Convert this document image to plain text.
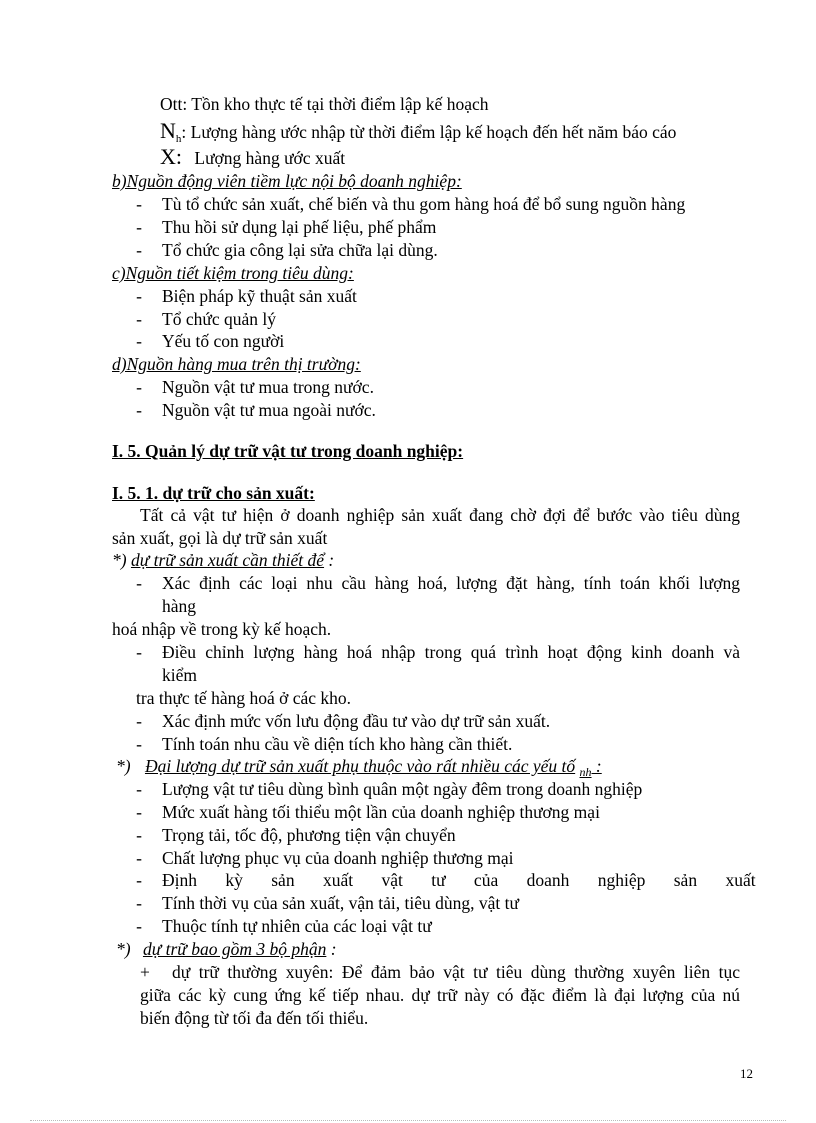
Ott: Tồn kho thực tế tại thời điểm lập kế hoạch
$N_h$: Lượng hàng ước nhập từ thời điểm lập kế hoạch đến hết năm báo cáo
X: Lượng hàng ước xuất
b)Nguồn động viên tiềm lực nội bộ doanh nghiệp:
- Tù tổ chức sản xuất, chế biến và thu gom hàng hoá để bổ sung nguồn hàng
- Thu hồi sử dụng lại phế liệu, phế phẩm
- Tổ chức gia công lại sửa chữa lại dùng.
c)Nguồn tiết kiệm trong tiêu dùng:
- Biện pháp kỹ thuật sản xuất
- Tổ chức quản lý
- Yếu tố con người
d)Nguồn hàng mua trên thị trường:
- Nguồn vật tư mua trong nước.
- Nguồn vật tư mua ngoài nước.
I. 5. Quản lý dự trữ vật tư trong doanh nghiệp:
I. 5. 1. dự trữ cho sản xuất:
Tất cả vật tư hiện ở doanh nghiệp sản xuất đang chờ đợi để bước vào tiêu dùng
sản xuất, gọi là dự trữ sản xuất
*) dự trữ sản xuất cần thiết để :
- Xác định các loại nhu cầu hàng hoá, lượng đặt hàng, tính toán khối lượng
hàng
hoá nhập về trong kỳ kế hoạch.
- Điều chỉnh lượng hàng hoá nhập trong quá trình hoạt động kinh doanh và
kiểm
tra thực tế hàng hoá ở các kho.
- Xác định mức vốn lưu động đầu tư vào dự trữ sản xuất.
- Tính toán nhu cầu về diện tích kho hàng cần thiết.
*) Đại lượng dự trữ sản xuất phụ thuộc vào rất nhiều các yếu tố $_{nh}$ :
- Lượng vật tư tiêu dùng bình quân một ngày đêm trong doanh nghiệp
- Mức xuất hàng tối thiểu một lần của doanh nghiệp thương mại
- Trọng tải, tốc độ, phương tiện vận chuyển
- Chất lượng phục vụ của doanh nghiệp thương mại
- Định kỳ sản xuất vật tư của doanh nghiệp sản xuất
- Tính thời vụ của sản xuất, vận tải, tiêu dùng, vật tư
- Thuộc tính tự nhiên của các loại vật tư
*) dự trữ bao gồm 3 bộ phận :
+ dự trữ thường xuyên: Để đảm bảo vật tư tiêu dùng thường xuyên liên tục
giữa các kỳ cung ứng kế tiếp nhau. dự trữ này có đặc điểm là đại lượng của nú
biến động từ tối đa đến tối thiểu.
12
